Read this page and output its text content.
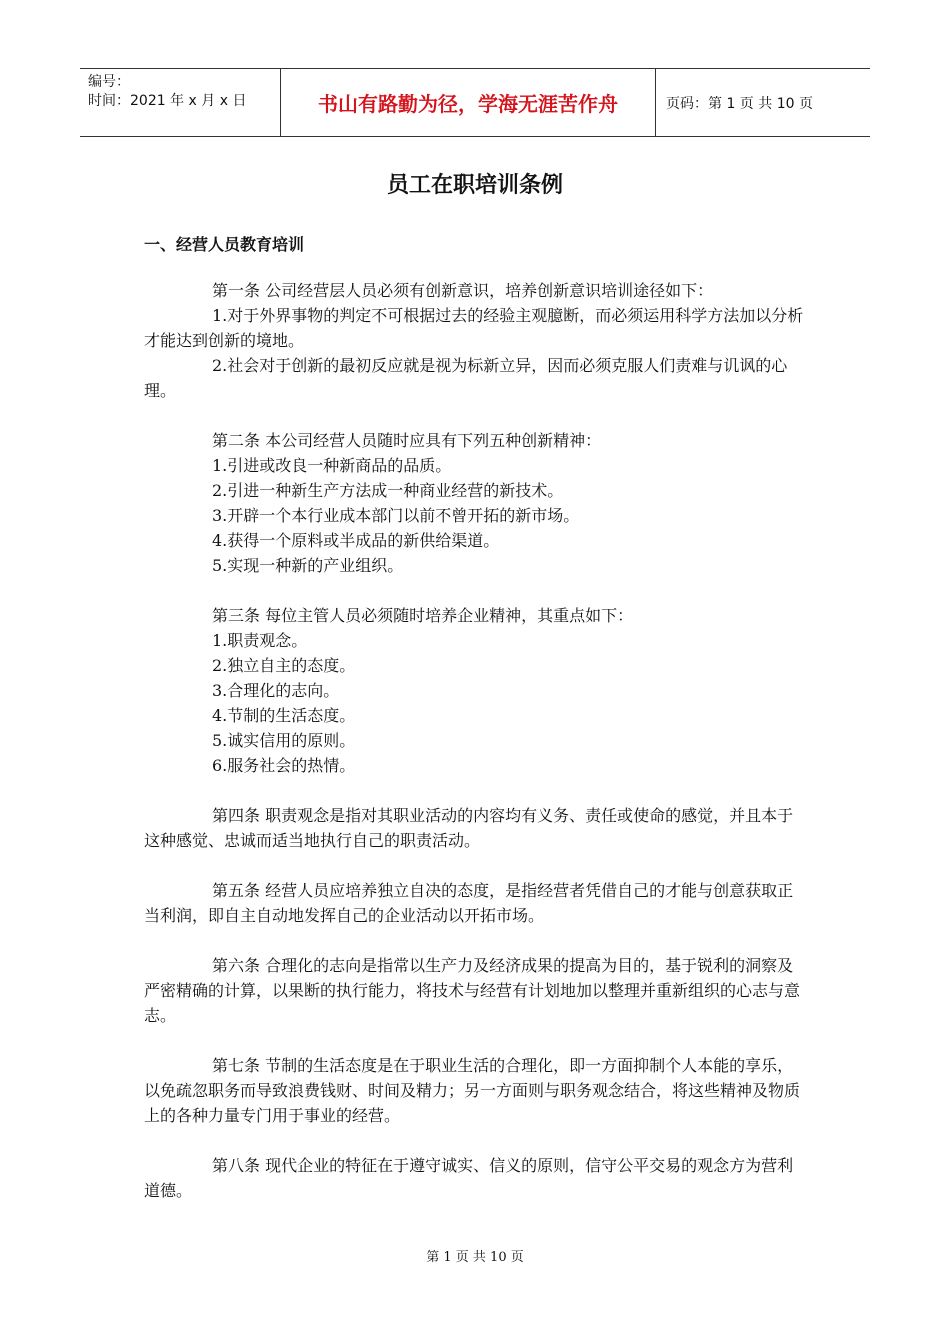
编号：
时间：2021 年 x 月 x 日	书山有路勤为径，学海无涯苦作舟	页码：第 1 页 共 10 页
员工在职培训条例
一、经营人员教育培训

第一条 公司经营层人员必须有创新意识，培养创新意识培训途径如下：

1.对于外界事物的判定不可根据过去的经验主观臆断，而必须运用科学方法加以分析才能达到创新的境地。

2.社会对于创新的最初反应就是视为标新立异，因而必须克服人们责难与讥讽的心理。

第二条 本公司经营人员随时应具有下列五种创新精神：

1.引进或改良一种新商品的品质。

2.引进一种新生产方法成一种商业经营的新技术。

3.开辟一个本行业成本部门以前不曾开拓的新市场。

4.获得一个原料或半成品的新供给渠道。

5.实现一种新的产业组织。

第三条 每位主管人员必须随时培养企业精神，其重点如下：

1.职责观念。

2.独立自主的态度。

3.合理化的志向。

4.节制的生活态度。

5.诚实信用的原则。

6.服务社会的热情。

第四条 职责观念是指对其职业活动的内容均有义务、责任或使命的感觉，并且本于这种感觉、忠诚而适当地执行自己的职责活动。

第五条 经营人员应培养独立自决的态度，是指经营者凭借自己的才能与创意获取正当利润，即自主自动地发挥自己的企业活动以开拓市场。

第六条 合理化的志向是指常以生产力及经济成果的提高为目的，基于锐利的洞察及严密精确的计算，以果断的执行能力，将技术与经营有计划地加以整理并重新组织的心志与意志。

第七条 节制的生活态度是在于职业生活的合理化，即一方面抑制个人本能的享乐，以免疏忽职务而导致浪费钱财、时间及精力；另一方面则与职务观念结合，将这些精神及物质上的各种力量专门用于事业的经营。

第八条 现代企业的特征在于遵守诚实、信义的原则，信守公平交易的观念方为营利道德。

第 1 页 共 10 页
